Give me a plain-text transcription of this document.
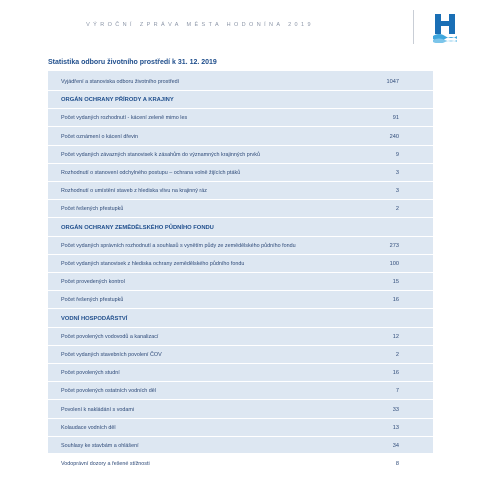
VÝROČNÍ ZPRÁVA MĚSTA HODONÍNA 2019
Statistika odboru životního prostředí k 31. 12. 2019
Vyjádření a stanoviska odboru životního prostředí	1047
ORGÁN OCHRANY PŘÍRODY A KRAJINY
Počet vydaných rozhodnutí - kácení zeleně mimo les	91
Počet oznámení o kácení dřevin	240
Počet vydaných závazných stanovisek k zásahům do významných krajinných prvků	9
Rozhodnutí o stanovení odchylného postupu – ochrana volně žijících ptáků	3
Rozhodnutí o umístění staveb z hlediska vlivu na krajinný ráz	3
Počet řešených přestupků	2
ORGÁN OCHRANY ZEMĚDĚLSKÉHO PŮDNÍHO FONDU
Počet vydaných správních rozhodnutí a souhlasů s vynětím půdy ze zemědělského půdního fondu	273
Počet vydaných stanovisek z hlediska ochrany zemědělského půdního fondu	100
Počet provedených kontrol	15
Počet řešených přestupků	16
VODNÍ HOSPODÁŘSTVÍ
Počet povolených vodovodů a kanalizací	12
Počet vydaných stavebních povolení ČOV	2
Počet povolených studní	16
Počet povolených ostatních vodních děl	7
Povolení k nakládání s vodami	33
Kolaudace vodních děl	13
Souhlasy ke stavbám a ohlášení	34
Vodoprávní dozory a řešené stížnosti	8
